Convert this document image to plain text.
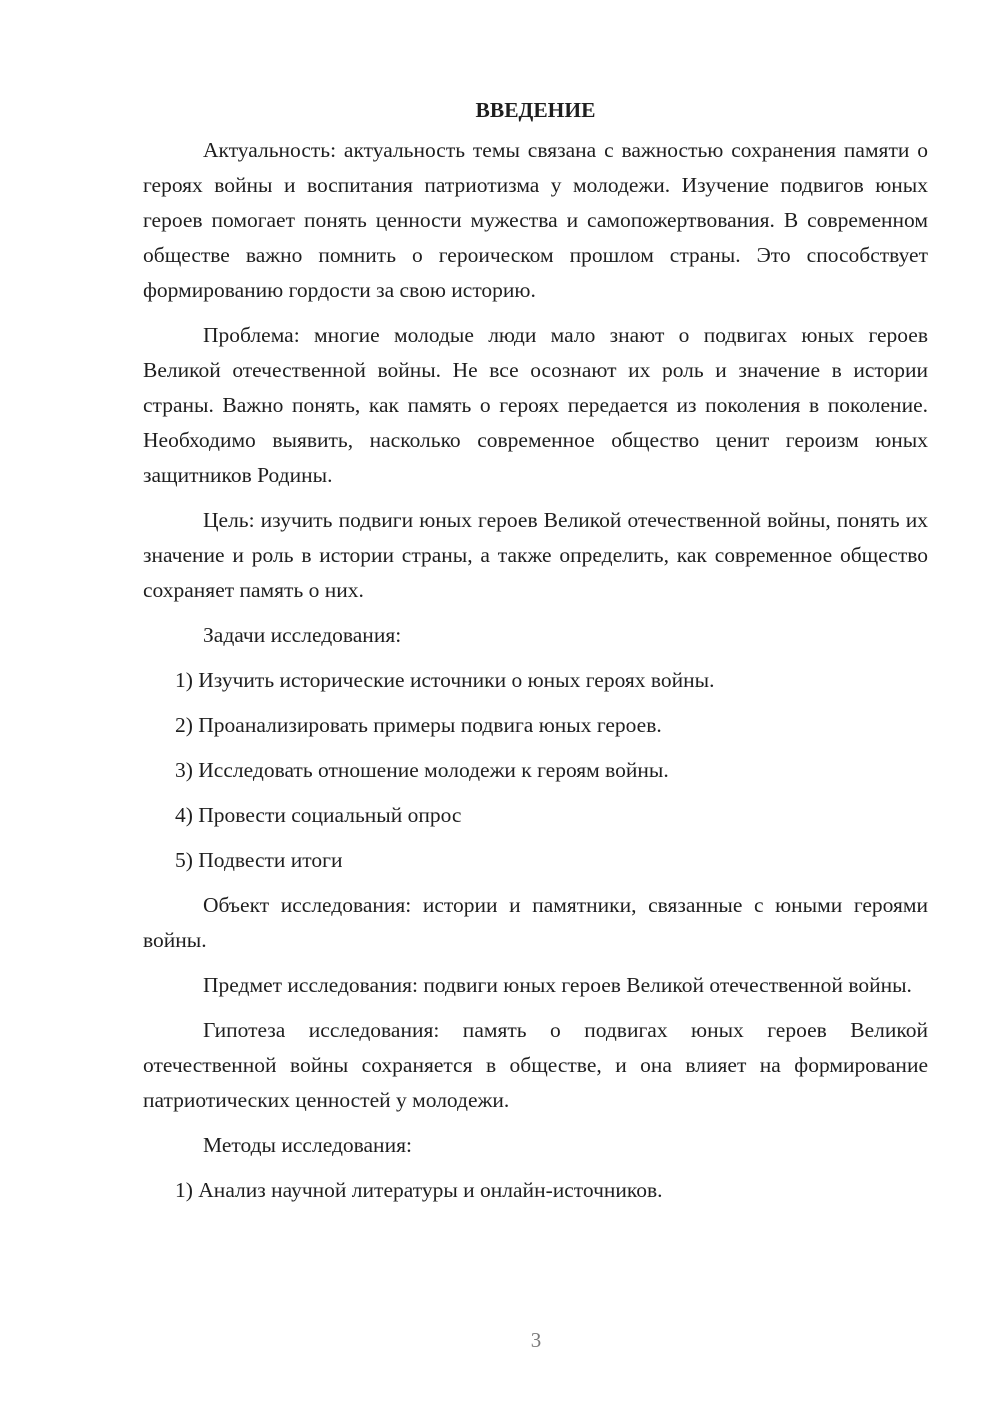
ВВЕДЕНИЕ

Актуальность: актуальность темы связана с важностью сохранения памяти о героях войны и воспитания патриотизма у молодежи. Изучение подвигов юных героев помогает понять ценности мужества и самопожертвования. В современном обществе важно помнить о героическом прошлом страны. Это способствует формированию гордости за свою историю.

Проблема: многие молодые люди мало знают о подвигах юных героев Великой отечественной войны. Не все осознают их роль и значение в истории страны. Важно понять, как память о героях передается из поколения в поколение. Необходимо выявить, насколько современное общество ценит героизм юных защитников Родины.

Цель: изучить подвиги юных героев Великой отечественной войны, понять их значение и роль в истории страны, а также определить, как современное общество сохраняет память о них.

Задачи исследования:

1) Изучить исторические источники о юных героях войны.

2) Проанализировать примеры подвига юных героев.

3) Исследовать отношение молодежи к героям войны.

4) Провести социальный опрос

5) Подвести итоги

Объект исследования: истории и памятники, связанные с юными героями войны.

Предмет исследования: подвиги юных героев Великой отечественной войны.

Гипотеза исследования: память о подвигах юных героев Великой отечественной войны сохраняется в обществе, и она влияет на формирование патриотических ценностей у молодежи.

Методы исследования:

1) Анализ научной литературы и онлайн-источников.

3
